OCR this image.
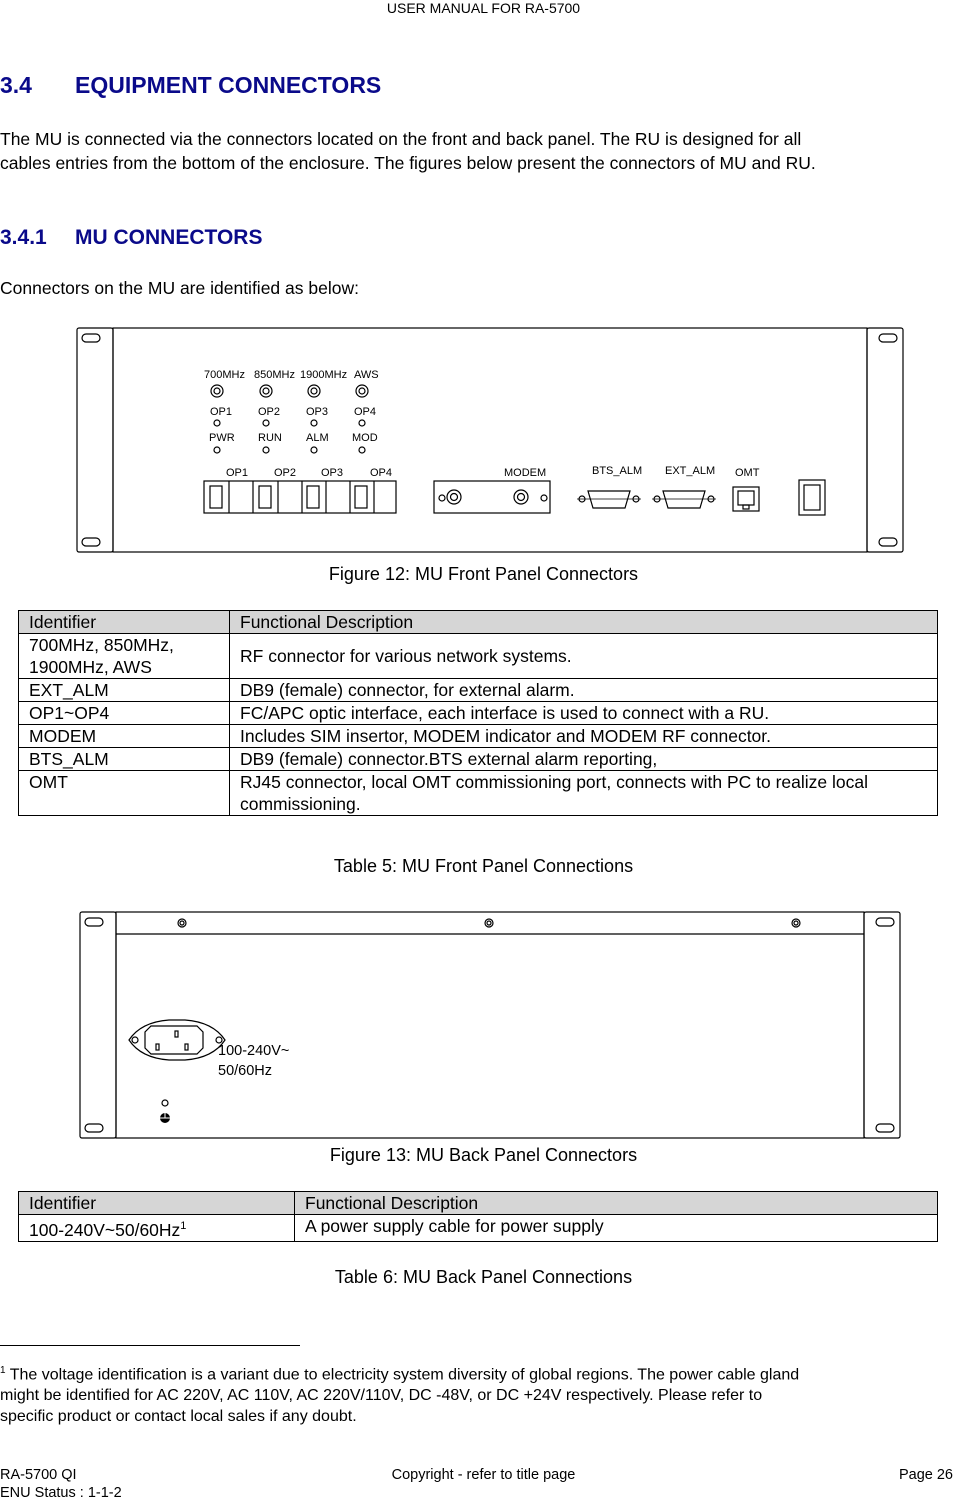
USER MANUAL FOR RA-5700
3.4 EQUIPMENT CONNECTORS
The MU is connected via the connectors located on the front and back panel. The RU is designed for all
cables entries from the bottom of the enclosure. The figures below present the connectors of MU and RU.
3.4.1 MU CONNECTORS
Connectors on the MU are identified as below:
700MHz 850MHz 1900MHz AWS
OP1 OP2 OP3 OP4
PWR RUN ALM MOD
OP1 OP2 OP3 OP4	MODEM	BTS_ALM EXT_ALM OMT
Figure 12: MU Front Panel Connectors
Identifier	Functional Description
700MHz, 850MHz,
1900MHz, AWS	RF connector for various network systems.
EXT_ALM	DB9 (female) connector, for external alarm.
OP1~OP4	FC/APC optic interface, each interface is used to connect with a RU.
MODEM	Includes SIM insertor, MODEM indicator and MODEM RF connector.
BTS_ALM	DB9 (female) connector.BTS external alarm reporting,
OMT	RJ45 connector, local OMT commissioning port, connects with PC to realize local commissioning.
Table 5: MU Front Panel Connections
100-240V~
50/60Hz
Figure 13: MU Back Panel Connectors
Identifier	Functional Description
100-240V~50/60Hz$^1$	A power supply cable for power supply
Table 6: MU Back Panel Connections
$^1$ The voltage identification is a variant due to electricity system diversity of global regions. The power cable gland
might be identified for AC 220V, AC 110V, AC 220V/110V, DC -48V, or DC +24V respectively. Please refer to
specific product or contact local sales if any doubt.
RA-5700 QI
ENU Status : 1-1-2
Copyright - refer to title page	Page 26
